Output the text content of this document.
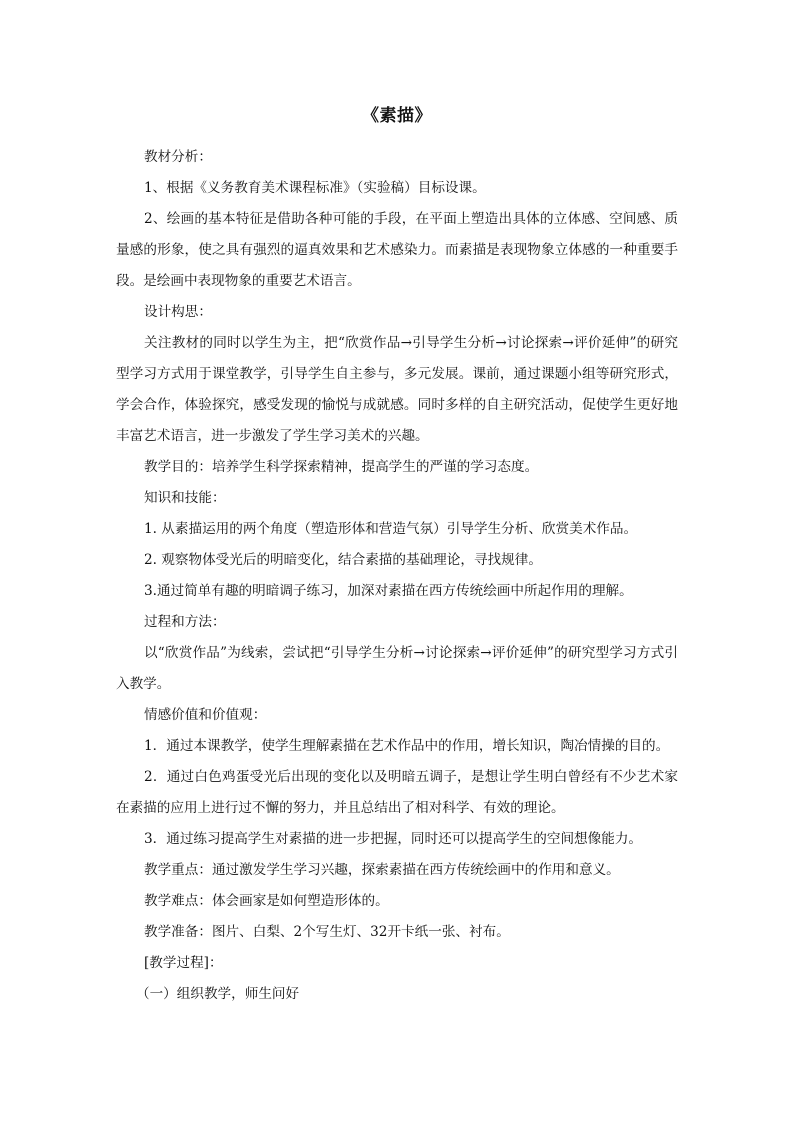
《素描》

教材分析：

1、根据《义务教育美术课程标准》（实验稿）目标设课。

2、绘画的基本特征是借助各种可能的手段，在平面上塑造出具体的立体感、空间感、质量感的形象，使之具有强烈的逼真效果和艺术感染力。而素描是表现物象立体感的一种重要手段。是绘画中表现物象的重要艺术语言。

设计构思：

关注教材的同时以学生为主，把“欣赏作品→引导学生分析→讨论探索→评价延伸”的研究型学习方式用于课堂教学，引导学生自主参与，多元发展。课前，通过课题小组等研究形式，学会合作，体验探究，感受发现的愉悦与成就感。同时多样的自主研究活动，促使学生更好地丰富艺术语言，进一步激发了学生学习美术的兴趣。

教学目的：培养学生科学探索精神，提高学生的严谨的学习态度。

知识和技能：

1. 从素描运用的两个角度（塑造形体和营造气氛）引导学生分析、欣赏美术作品。

2. 观察物体受光后的明暗变化，结合素描的基础理论，寻找规律。

3.通过简单有趣的明暗调子练习，加深对素描在西方传统绘画中所起作用的理解。

过程和方法：

以“欣赏作品”为线索，尝试把“引导学生分析→讨论探索→评价延伸”的研究型学习方式引入教学。

情感价值和价值观：

1．通过本课教学，使学生理解素描在艺术作品中的作用，增长知识，陶冶情操的目的。

2．通过白色鸡蛋受光后出现的变化以及明暗五调子，是想让学生明白曾经有不少艺术家在素描的应用上进行过不懈的努力，并且总结出了相对科学、有效的理论。

3．通过练习提高学生对素描的进一步把握，同时还可以提高学生的空间想像能力。

教学重点：通过激发学生学习兴趣，探索素描在西方传统绘画中的作用和意义。

教学难点：体会画家是如何塑造形体的。

教学准备：图片、白梨、2个写生灯、32开卡纸一张、衬布。

[教学过程]：

（一）组织教学，师生问好
